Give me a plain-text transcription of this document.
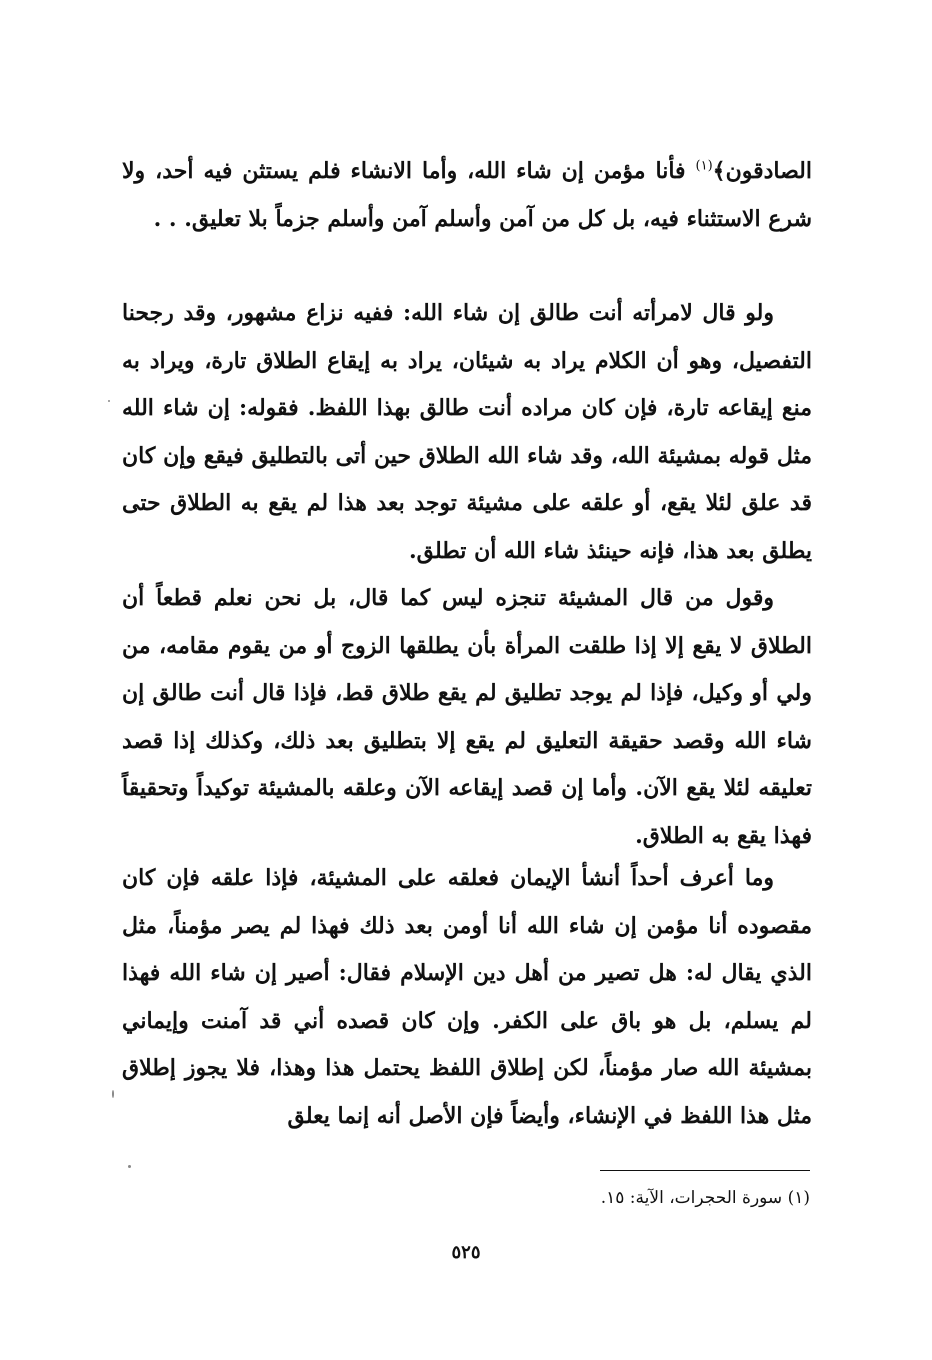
الصادقون﴾$^{(١)}$ فأنا مؤمن إن شاء الله، وأما الانشاء فلم يستثن فيه أحد، ولا شرع الاستثناء فيه، بل كل من آمن وأسلم آمن وأسلم جزماً بلا تعليق. . .

ولو قال لامرأته أنت طالق إن شاء الله: ففيه نزاع مشهور، وقد رجحنا التفصيل، وهو أن الكلام يراد به شيئان، يراد به إيقاع الطلاق تارة، ويراد به منع إيقاعه تارة، فإن كان مراده أنت طالق بهذا اللفظ. فقوله: إن شاء الله مثل قوله بمشيئة الله، وقد شاء الله الطلاق حين أتى بالتطليق فيقع وإن كان قد علق لئلا يقع، أو علقه على مشيئة توجد بعد هذا لم يقع به الطلاق حتى يطلق بعد هذا، فإنه حينئذ شاء الله أن تطلق.

وقول من قال المشيئة تنجزه ليس كما قال، بل نحن نعلم قطعاً أن الطلاق لا يقع إلا إذا طلقت المرأة بأن يطلقها الزوج أو من يقوم مقامه، من ولي أو وكيل، فإذا لم يوجد تطليق لم يقع طلاق قط، فإذا قال أنت طالق إن شاء الله وقصد حقيقة التعليق لم يقع إلا بتطليق بعد ذلك، وكذلك إذا قصد تعليقه لئلا يقع الآن. وأما إن قصد إيقاعه الآن وعلقه بالمشيئة توكيداً وتحقيقاً فهذا يقع به الطلاق.

وما أعرف أحداً أنشأ الإيمان فعلقه على المشيئة، فإذا علقه فإن كان مقصوده أنا مؤمن إن شاء الله أنا أومن بعد ذلك فهذا لم يصر مؤمناً، مثل الذي يقال له: هل تصير من أهل دين الإسلام فقال: أصير إن شاء الله فهذا لم يسلم، بل هو باق على الكفر. وإن كان قصده أني قد آمنت وإيماني بمشيئة الله صار مؤمناً، لكن إطلاق اللفظ يحتمل هذا وهذا، فلا يجوز إطلاق مثل هذا اللفظ في الإنشاء، وأيضاً فإن الأصل أنه إنما يعلق

(١) سورة الحجرات، الآية: ١٥.
٥٢٥
